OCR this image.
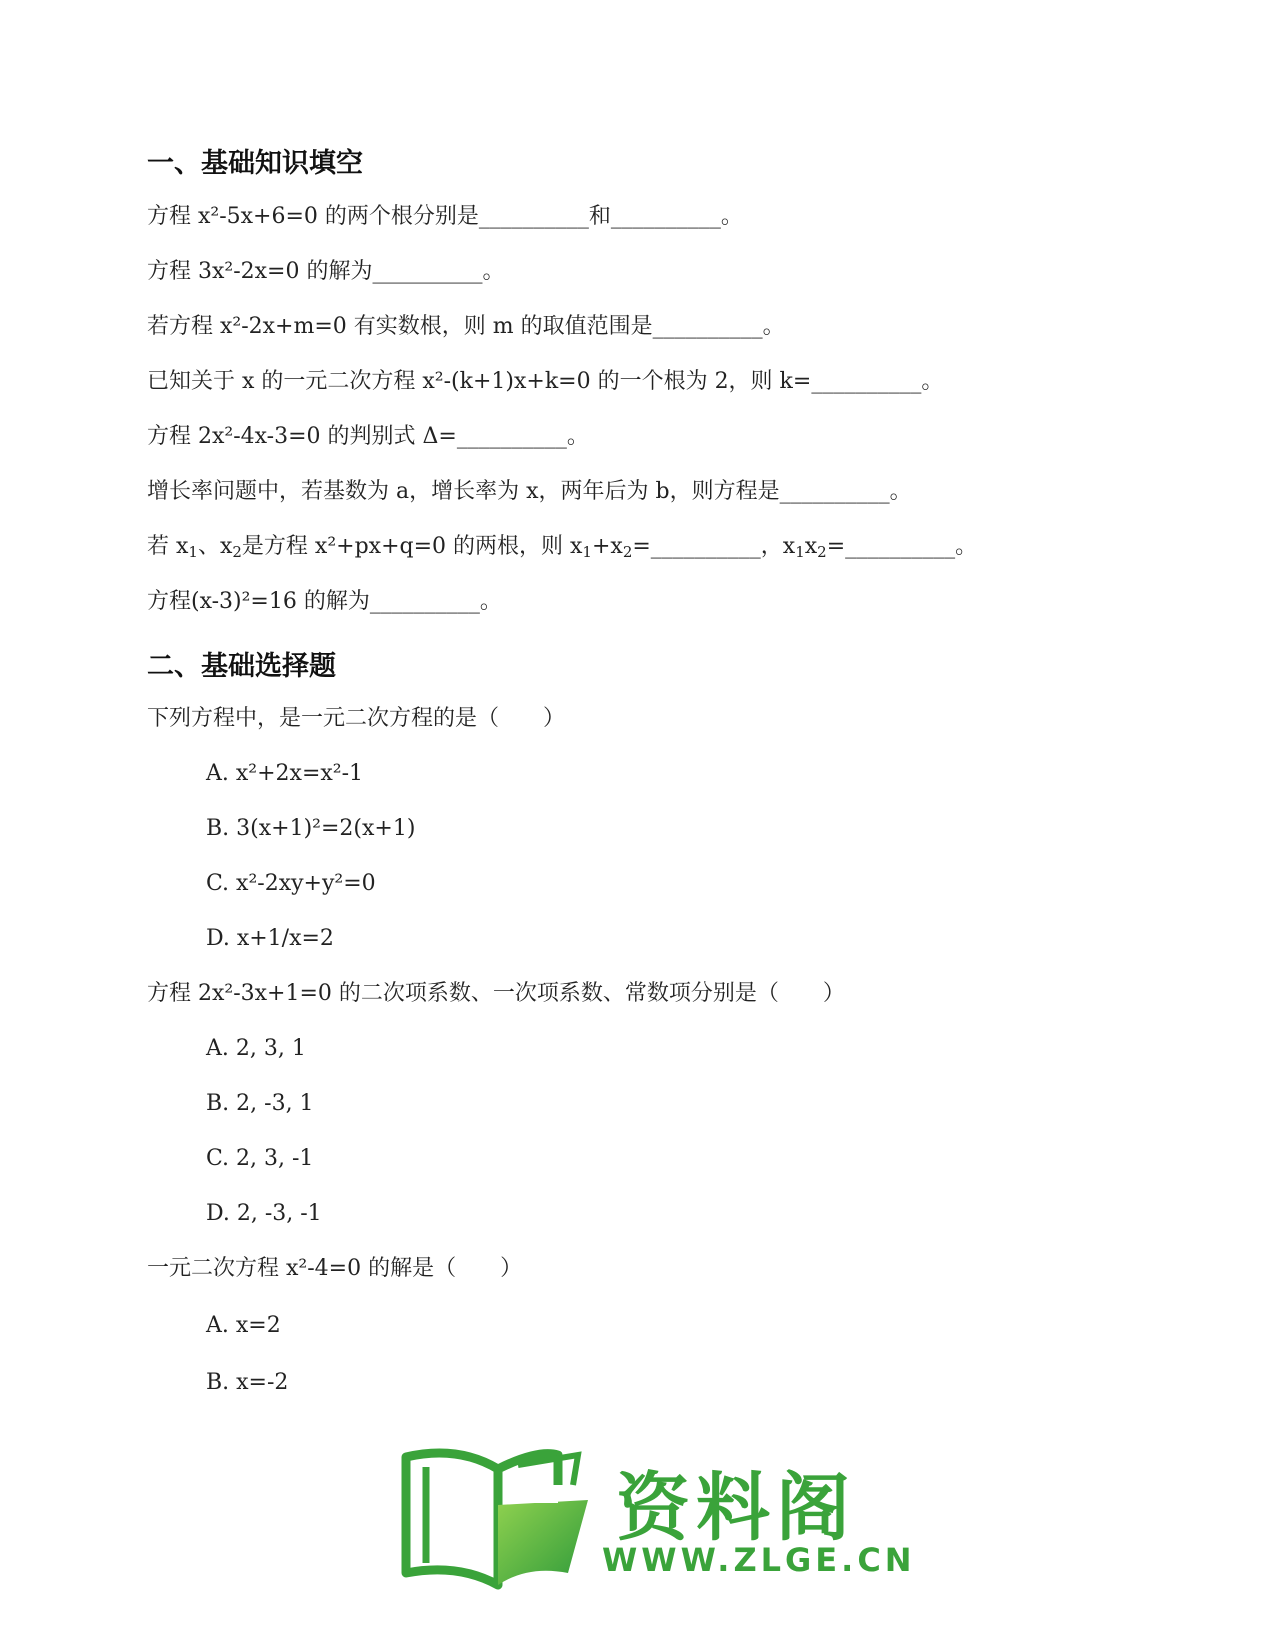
一、基础知识填空
方程 x²-5x+6=0 的两个根分别是__________和__________。
方程 3x²-2x=0 的解为__________。
若方程 x²-2x+m=0 有实数根，则 m 的取值范围是__________。
已知关于 x 的一元二次方程 x²-(k+1)x+k=0 的一个根为 2，则 k=__________。
方程 2x²-4x-3=0 的判别式 Δ=__________。
增长率问题中，若基数为 a，增长率为 x，两年后为 b，则方程是__________。
若 $x_1$、$x_2$是方程 x²+px+q=0 的两根，则 $x_1+x_2=\_\_\_\_\_\_\_\_\_\_$，$x_1x_2=\_\_\_\_\_\_\_\_\_\_$。
方程(x-3)²=16 的解为__________。
二、基础选择题
下列方程中，是一元二次方程的是（　　）
A. x²+2x=x²-1
B. 3(x+1)²=2(x+1)
C. x²-2xy+y²=0
D. x+1/x=2
方程 2x²-3x+1=0 的二次项系数、一次项系数、常数项分别是（　　）
A. 2, 3, 1
B. 2, -3, 1
C. 2, 3, -1
D. 2, -3, -1
一元二次方程 x²-4=0 的解是（　　）
A. x=2
B. x=-2
资料阁
WWW.ZLGE.CN
